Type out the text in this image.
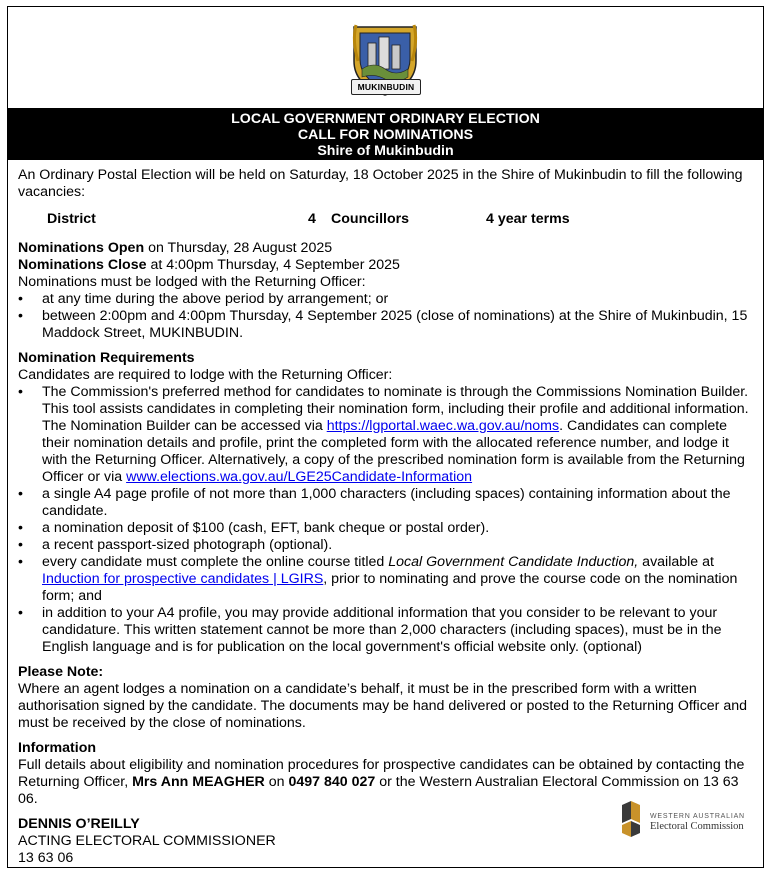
MUKINBUDIN
LOCAL GOVERNMENT ORDINARY ELECTION
CALL FOR NOMINATIONS
Shire of Mukinbudin

An Ordinary Postal Election will be held on Saturday, 18 October 2025 in the Shire of Mukinbudin to fill the following vacancies:

District	4 Councillors	4 year terms

Nominations Open on Thursday, 28 August 2025

Nominations Close at 4:00pm Thursday, 4 September 2025

Nominations must be lodged with the Returning Officer:

• at any time during the above period by arrangement; or
• between 2:00pm and 4:00pm Thursday, 4 September 2025 (close of nominations) at the Shire of Mukinbudin, 15 Maddock Street, MUKINBUDIN.

Nomination Requirements

Candidates are required to lodge with the Returning Officer:

• The Commission's preferred method for candidates to nominate is through the Commissions Nomination Builder. This tool assists candidates in completing their nomination form, including their profile and additional information. The Nomination Builder can be accessed via https://lgportal.waec.wa.gov.au/noms. Candidates can complete their nomination details and profile, print the completed form with the allocated reference number, and lodge it with the Returning Officer. Alternatively, a copy of the prescribed nomination form is available from the Returning Officer or via www.elections.wa.gov.au/LGE25Candidate-Information
• a single A4 page profile of not more than 1,000 characters (including spaces) containing information about the candidate.
• a nomination deposit of $100 (cash, EFT, bank cheque or postal order).
• a recent passport-sized photograph (optional).
• every candidate must complete the online course titled Local Government Candidate Induction, available at Induction for prospective candidates | LGIRS, prior to nominating and prove the course code on the nomination form; and
• in addition to your A4 profile, you may provide additional information that you consider to be relevant to your candidature. This written statement cannot be more than 2,000 characters (including spaces), must be in the English language and is for publication on the local government's official website only. (optional)

Please Note:

Where an agent lodges a nomination on a candidate’s behalf, it must be in the prescribed form with a written authorisation signed by the candidate. The documents may be hand delivered or posted to the Returning Officer and must be received by the close of nominations.

Information

Full details about eligibility and nomination procedures for prospective candidates can be obtained by contacting the Returning Officer, Mrs Ann MEAGHER on 0497 840 027 or the Western Australian Electoral Commission on 13 63 06.

DENNIS O’REILLY

ACTING ELECTORAL COMMISSIONER

13 63 06

WESTERN AUSTRALIAN
Electoral Commission
